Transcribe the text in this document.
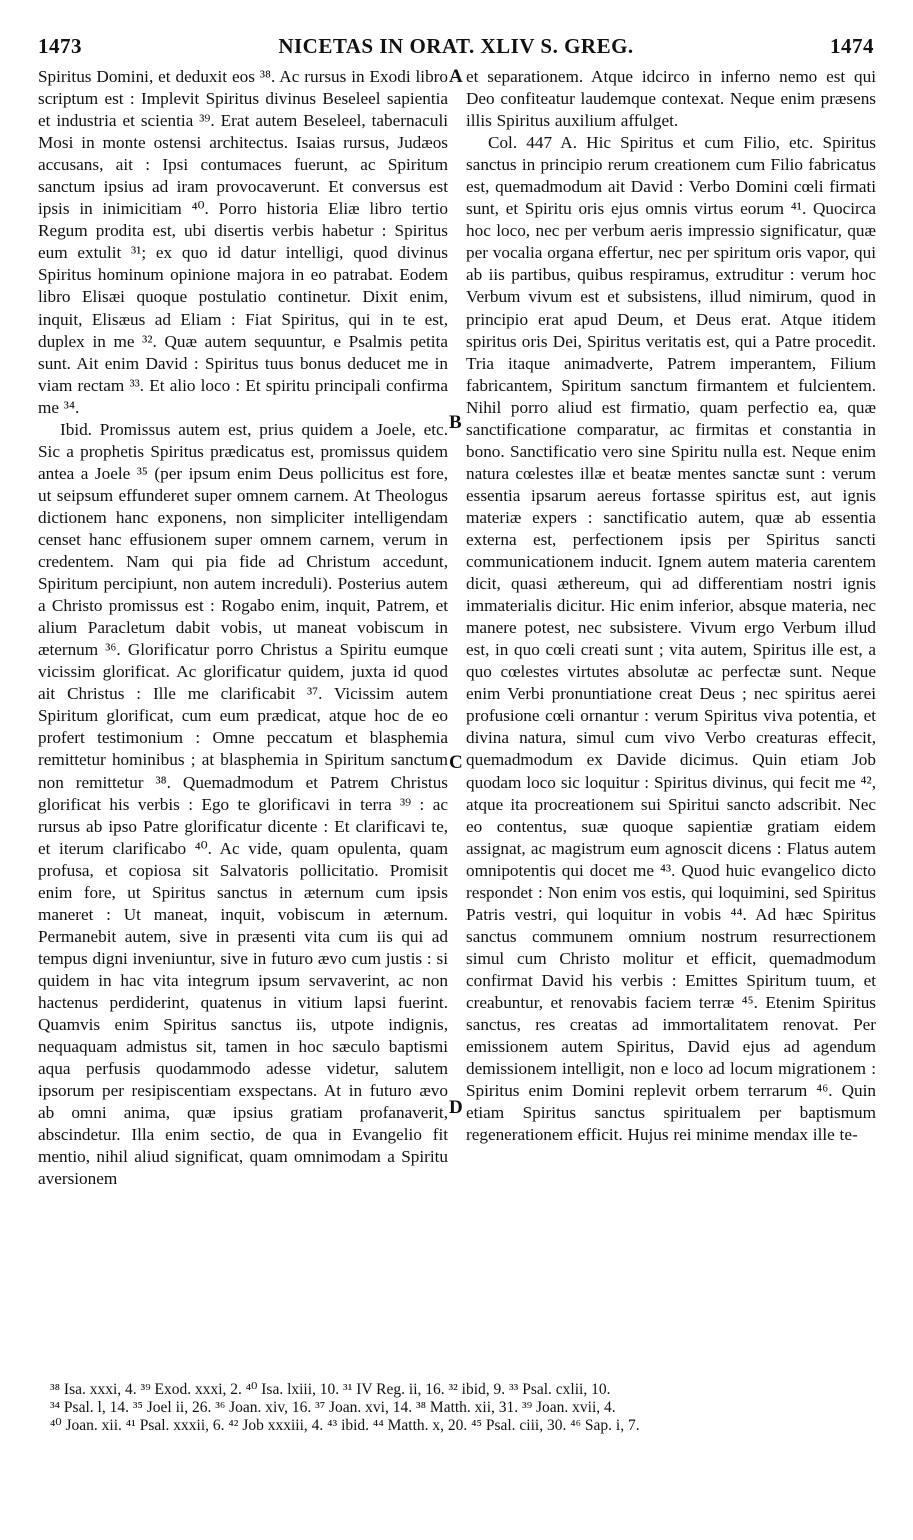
1473	NICETAS IN ORAT. XLIV S. GREG.	1474

Spiritus Domini, et deduxit eos ³⁸. Ac rursus in Exodi libro scriptum est : Implevit Spiritus divinus Beseleel sapientia et industria et scientia ³⁹. Erat autem Beseleel, tabernaculi Mosi in monte ostensi architectus. Isaias rursus, Judæos accusans, ait : Ipsi contumaces fuerunt, ac Spiritum sanctum ipsius ad iram provocaverunt. Et conversus est ipsis in inimicitiam ⁴⁰. Porro historia Eliæ libro tertio Regum prodita est, ubi disertis verbis habetur : Spiritus eum extulit ³¹; ex quo id datur intelligi, quod divinus Spiritus hominum opinione majora in eo patrabat. Eodem libro Elisæi quoque postulatio continetur. Dixit enim, inquit, Elisæus ad Eliam : Fiat Spiritus, qui in te est, duplex in me ³². Quæ autem sequuntur, e Psalmis petita sunt. Ait enim David : Spiritus tuus bonus deducet me in viam rectam ³³. Et alio loco : Et spiritu principali confirma me ³⁴.

Ibid. Promissus autem est, prius quidem a Joele, etc. Sic a prophetis Spiritus prædicatus est, promissus quidem antea a Joele ³⁵ (per ipsum enim Deus pollicitus est fore, ut seipsum effunderet super omnem carnem. At Theologus dictionem hanc exponens, non simpliciter intelligendam censet hanc effusionem super omnem carnem, verum in credentem. Nam qui pia fide ad Christum accedunt, Spiritum percipiunt, non autem increduli). Posterius autem a Christo promissus est : Rogabo enim, inquit, Patrem, et alium Paracletum dabit vobis, ut maneat vobiscum in æternum ³⁶. Glorificatur porro Christus a Spiritu eumque vicissim glorificat. Ac glorificatur quidem, juxta id quod ait Christus : Ille me clarificabit ³⁷. Vicissim autem Spiritum glorificat, cum eum prædicat, atque hoc de eo profert testimonium : Omne peccatum et blasphemia remittetur hominibus ; at blasphemia in Spiritum sanctum non remittetur ³⁸. Quemadmodum et Patrem Christus glorificat his verbis : Ego te glorificavi in terra ³⁹ : ac rursus ab ipso Patre glorificatur dicente : Et clarificavi te, et iterum clarificabo ⁴⁰. Ac vide, quam opulenta, quam profusa, et copiosa sit Salvatoris pollicitatio. Promisit enim fore, ut Spiritus sanctus in æternum cum ipsis maneret : Ut maneat, inquit, vobiscum in æternum. Permanebit autem, sive in præsenti vita cum iis qui ad tempus digni inveniuntur, sive in futuro ævo cum justis : si quidem in hac vita integrum ipsum servaverint, ac non hactenus perdiderint, quatenus in vitium lapsi fuerint. Quamvis enim Spiritus sanctus iis, utpote indignis, nequaquam admistus sit, tamen in hoc sæculo baptismi aqua perfusis quodammodo adesse videtur, salutem ipsorum per resipiscentiam exspectans. At in futuro ævo ab omni anima, quæ ipsius gratiam profanaverit, abscindetur. Illa enim sectio, de qua in Evangelio fit mentio, nihil aliud significat, quam omnimodam a Spiritu aversionem

et separationem. Atque idcirco in inferno nemo est qui Deo confiteatur laudemque contexat. Neque enim præsens illis Spiritus auxilium affulget.

Col. 447 A. Hic Spiritus et cum Filio, etc. Spiritus sanctus in principio rerum creationem cum Filio fabricatus est, quemadmodum ait David : Verbo Domini cœli firmati sunt, et Spiritu oris ejus omnis virtus eorum ⁴¹. Quocirca hoc loco, nec per verbum aeris impressio significatur, quæ per vocalia organa effertur, nec per spiritum oris vapor, qui ab iis partibus, quibus respiramus, extruditur : verum hoc Verbum vivum est et subsistens, illud nimirum, quod in principio erat apud Deum, et Deus erat. Atque itidem spiritus oris Dei, Spiritus veritatis est, qui a Patre procedit. Tria itaque animadverte, Patrem imperantem, Filium fabricantem, Spiritum sanctum firmantem et fulcientem. Nihil porro aliud est firmatio, quam perfectio ea, quæ sanctificatione comparatur, ac firmitas et constantia in bono. Sanctificatio vero sine Spiritu nulla est. Neque enim natura cœlestes illæ et beatæ mentes sanctæ sunt : verum essentia ipsarum aereus fortasse spiritus est, aut ignis materiæ expers : sanctificatio autem, quæ ab essentia externa est, perfectionem ipsis per Spiritus sancti communicationem inducit. Ignem autem materia carentem dicit, quasi æthereum, qui ad differentiam nostri ignis immaterialis dicitur. Hic enim inferior, absque materia, nec manere potest, nec subsistere. Vivum ergo Verbum illud est, in quo cœli creati sunt ; vita autem, Spiritus ille est, a quo cœlestes virtutes absolutæ ac perfectæ sunt. Neque enim Verbi pronuntiatione creat Deus ; nec spiritus aerei profusione cœli ornantur : verum Spiritus viva potentia, et divina natura, simul cum vivo Verbo creaturas effecit, quemadmodum ex Davide dicimus. Quin etiam Job quodam loco sic loquitur : Spiritus divinus, qui fecit me ⁴², atque ita procreationem sui Spiritui sancto adscribit. Nec eo contentus, suæ quoque sapientiæ gratiam eidem assignat, ac magistrum eum agnoscit dicens : Flatus autem omnipotentis qui docet me ⁴³. Quod huic evangelico dicto respondet : Non enim vos estis, qui loquimini, sed Spiritus Patris vestri, qui loquitur in vobis ⁴⁴. Ad hæc Spiritus sanctus communem omnium nostrum resurrectionem simul cum Christo molitur et efficit, quemadmodum confirmat David his verbis : Emittes Spiritum tuum, et creabuntur, et renovabis faciem terræ ⁴⁵. Etenim Spiritus sanctus, res creatas ad immortalitatem renovat. Per emissionem autem Spiritus, David ejus ad agendum demissionem intelligit, non e loco ad locum migrationem : Spiritus enim Domini replevit orbem terrarum ⁴⁶. Quin etiam Spiritus sanctus spiritualem per baptismum regenerationem efficit. Hujus rei minime mendax ille te-

A
B
C
D
³⁸ Isa. xxxi, 4. ³⁹ Exod. xxxi, 2. ⁴⁰ Isa. lxiii, 10. ³¹ IV Reg. ii, 16. ³² ibid, 9. ³³ Psal. cxlii, 10.
³⁴ Psal. l, 14. ³⁵ Joel ii, 26. ³⁶ Joan. xiv, 16. ³⁷ Joan. xvi, 14. ³⁸ Matth. xii, 31. ³⁹ Joan. xvii, 4.
⁴⁰ Joan. xii. ⁴¹ Psal. xxxii, 6. ⁴² Job xxxiii, 4. ⁴³ ibid. ⁴⁴ Matth. x, 20. ⁴⁵ Psal. ciii, 30. ⁴⁶ Sap. i, 7.
